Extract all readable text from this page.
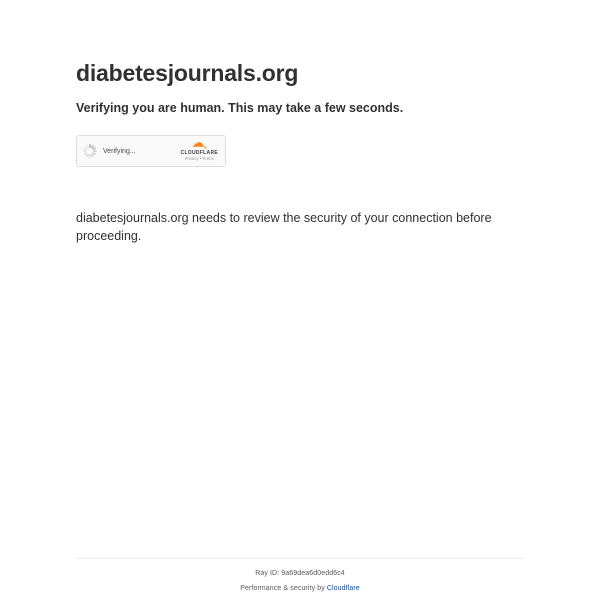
diabetesjournals.org

Verifying you are human. This may take a few seconds.

Verifying...	CLOUDFLARE
Privacy • Terms

diabetesjournals.org needs to review the security of your connection before proceeding.

Ray ID: 9a69dea6d0edd6c4
Performance & security by Cloudflare
